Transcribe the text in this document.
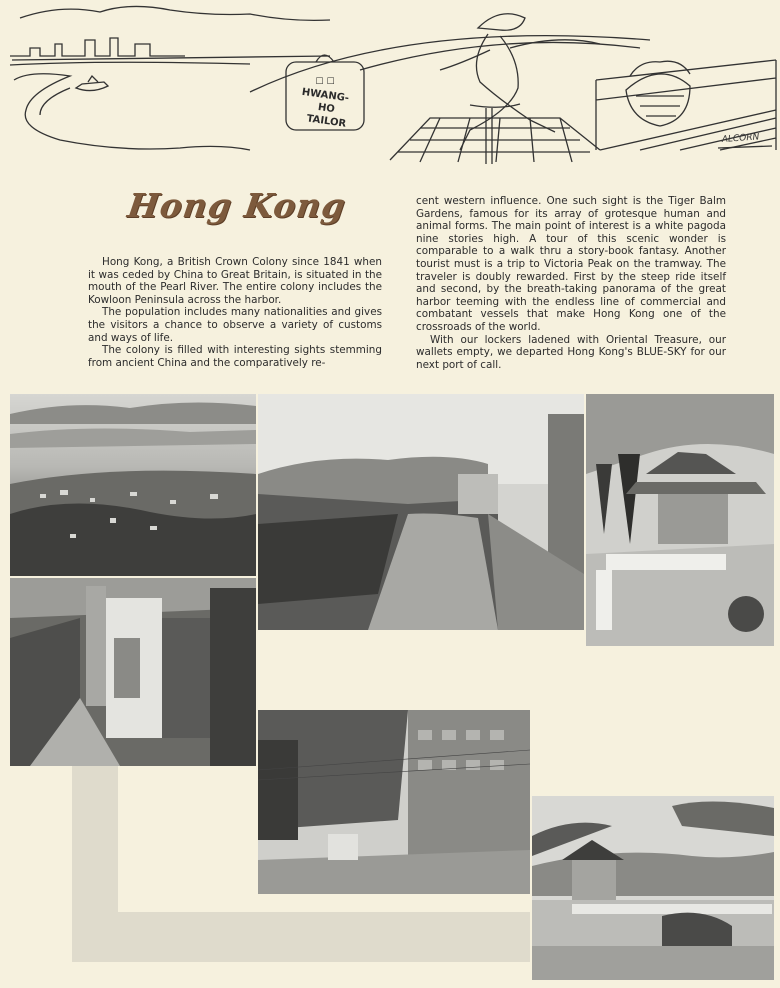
☐ ☐
HWANG-
HO
TAILOR
ALCORN
Hong Kong

Hong Kong, a British Crown Colony since 1841 when it was ceded by China to Great Britain, is situated in the mouth of the Pearl River. The entire colony includes the Kowloon Peninsula across the harbor.

The population includes many nationalities and gives the visitors a chance to observe a variety of customs and ways of life.

The colony is filled with interesting sights stemming from ancient China and the comparatively re-

cent western influence. One such sight is the Tiger Balm Gardens, famous for its array of grotesque human and animal forms. The main point of interest is a white pagoda nine stories high. A tour of this scenic wonder is comparable to a walk thru a story-book fantasy. Another tourist must is a trip to Victoria Peak on the tramway. The traveler is doubly rewarded. First by the steep ride itself and second, by the breath-taking panorama of the great harbor teeming with the endless line of commercial and combatant vessels that make Hong Kong one of the crossroads of the world.

With our lockers ladened with Oriental Treasure, our wallets empty, we departed Hong Kong's BLUE-SKY for our next port of call.
